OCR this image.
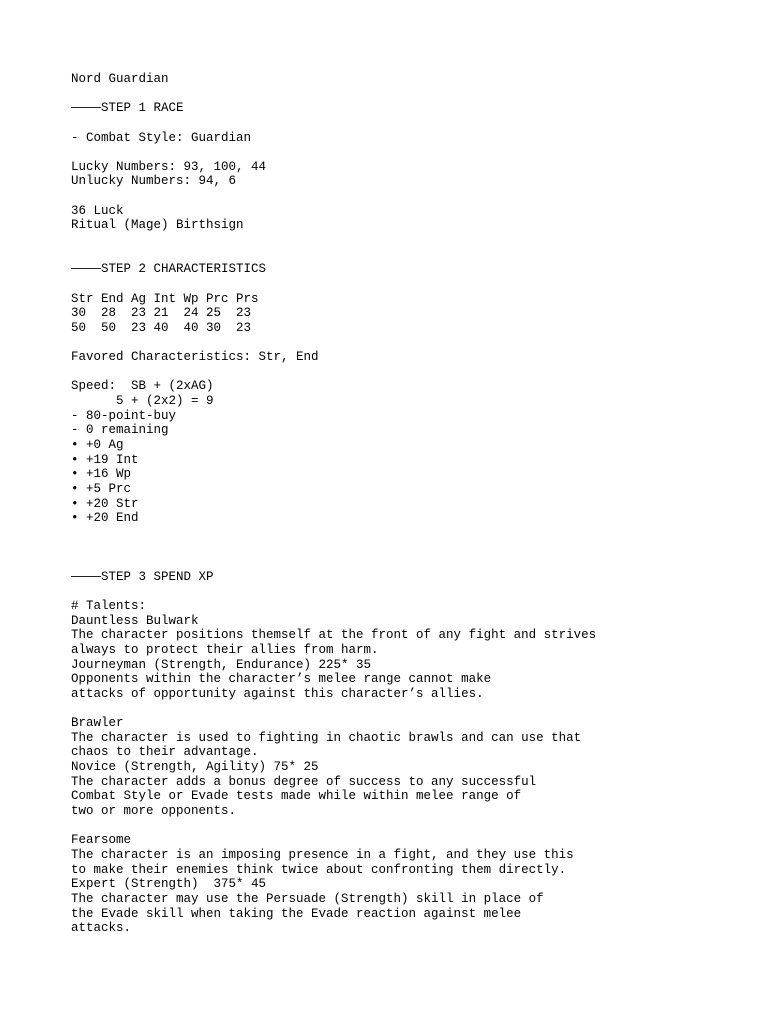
Nord Guardian
————STEP 1 RACE
- Combat Style: Guardian
Lucky Numbers: 93, 100, 44
Unlucky Numbers: 94, 6
36 Luck
Ritual (Mage) Birthsign
————STEP 2 CHARACTERISTICS
Str End Ag Int Wp Prc Prs
30  28  23 21  24 25  23
50  50  23 40  40 30  23
Favored Characteristics: Str, End
Speed:  SB + (2xAG)
5 + (2x2) = 9
- 80-point-buy
- 0 remaining
• +0 Ag
• +19 Int
• +16 Wp
• +5 Prc
• +20 Str
• +20 End
————STEP 3 SPEND XP
# Talents:
Dauntless Bulwark
The character positions themself at the front of any fight and strives
always to protect their allies from harm.
Journeyman (Strength, Endurance) 225* 35
Opponents within the character’s melee range cannot make
attacks of opportunity against this character’s allies.
Brawler
The character is used to fighting in chaotic brawls and can use that
chaos to their advantage.
Novice (Strength, Agility) 75* 25
The character adds a bonus degree of success to any successful
Combat Style or Evade tests made while within melee range of
two or more opponents.
Fearsome
The character is an imposing presence in a fight, and they use this
to make their enemies think twice about confronting them directly.
Expert (Strength)  375* 45
The character may use the Persuade (Strength) skill in place of
the Evade skill when taking the Evade reaction against melee
attacks.
